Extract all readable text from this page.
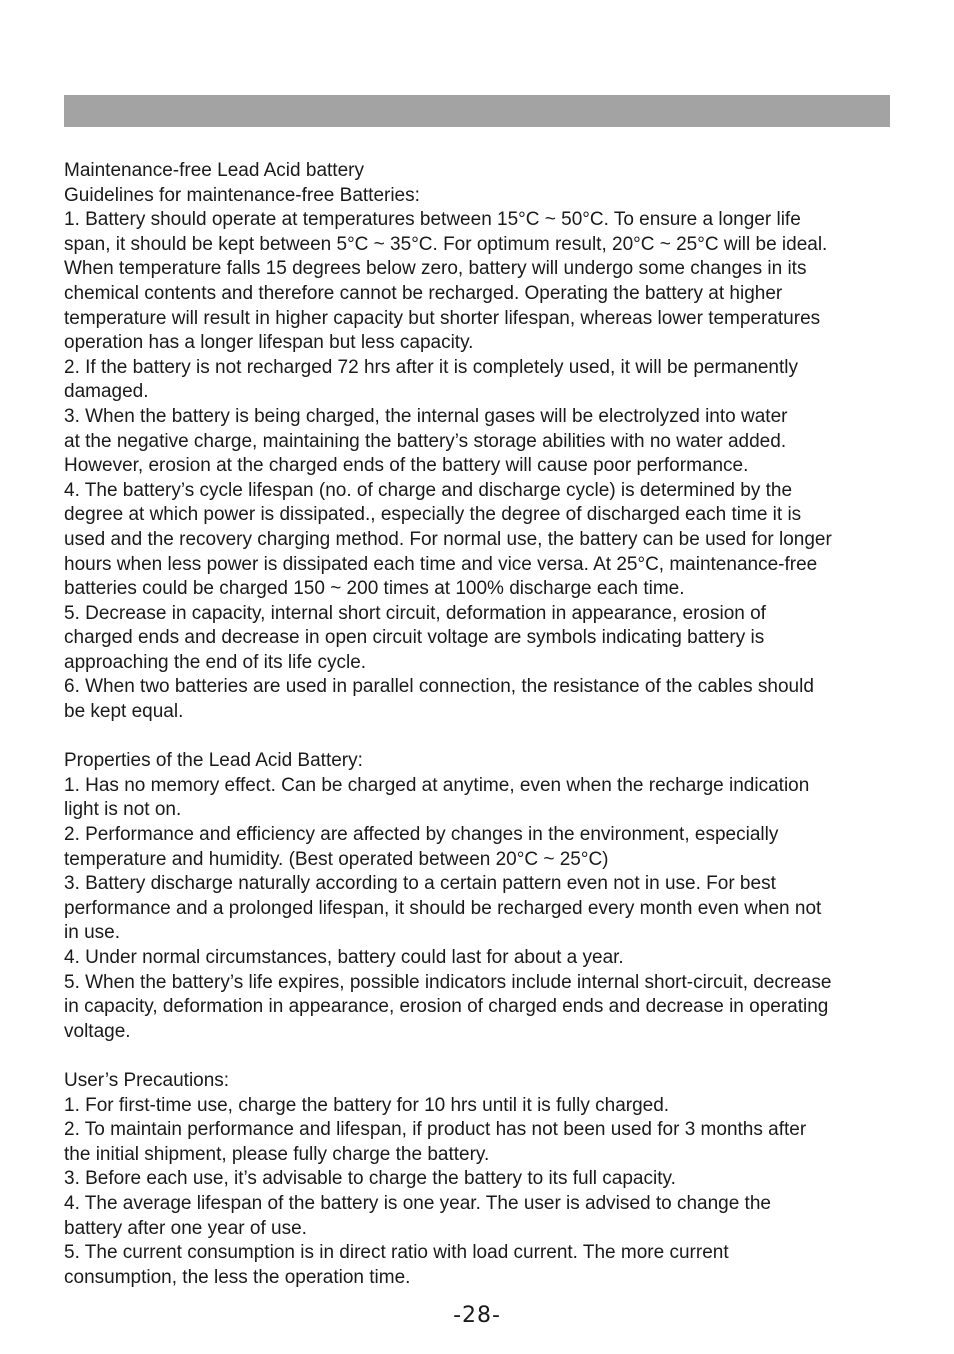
Maintenance-free Lead Acid battery
Guidelines for maintenance-free Batteries:
1. Battery should operate at temperatures between 15°C ~ 50°C. To ensure a longer life
span, it should be kept between 5°C ~ 35°C. For optimum result, 20°C ~ 25°C will be ideal.
When temperature falls 15 degrees below zero, battery will undergo some changes in its
chemical contents and therefore cannot be recharged. Operating the battery at higher
temperature will result in higher capacity but shorter lifespan, whereas lower temperatures
operation has a longer lifespan but less capacity.
2. If the battery is not recharged 72 hrs after it is completely used, it will be permanently
damaged.
3. When the battery is being charged, the internal gases will be electrolyzed into water
at the negative charge, maintaining the battery’s storage abilities with no water added.
However, erosion at the charged ends of the battery will cause poor performance.
4. The battery’s cycle lifespan (no. of charge and discharge cycle) is determined by the
degree at which power is dissipated., especially the degree of discharged each time it is
used and the recovery charging method. For normal use, the battery can be used for longer
hours when less power is dissipated each time and vice versa. At 25°C, maintenance-free
batteries could be charged 150 ~ 200 times at 100% discharge each time.
5. Decrease in capacity, internal short circuit, deformation in appearance, erosion of
charged ends and decrease in open circuit voltage are symbols indicating battery is
approaching the end of its life cycle.
6. When two batteries are used in parallel connection, the resistance of the cables should
be kept equal.
Properties of the Lead Acid Battery:
1. Has no memory effect. Can be charged at anytime, even when the recharge indication
light is not on.
2. Performance and efficiency are affected by changes in the environment, especially
temperature and humidity. (Best operated between 20°C ~ 25°C)
3. Battery discharge naturally according to a certain pattern even not in use. For best
performance and a prolonged lifespan, it should be recharged every month even when not
in use.
4. Under normal circumstances, battery could last for about a year.
5. When the battery’s life expires, possible indicators include internal short-circuit, decrease
in capacity, deformation in appearance, erosion of charged ends and decrease in operating
voltage.
User’s Precautions:
1. For first-time use, charge the battery for 10 hrs until it is fully charged.
2. To maintain performance and lifespan, if product has not been used for 3 months after
the initial shipment, please fully charge the battery.
3. Before each use, it’s advisable to charge the battery to its full capacity.
4. The average lifespan of the battery is one year. The user is advised to change the
battery after one year of use.
5. The current consumption is in direct ratio with load current. The more current
consumption, the less the operation time.
-28-
